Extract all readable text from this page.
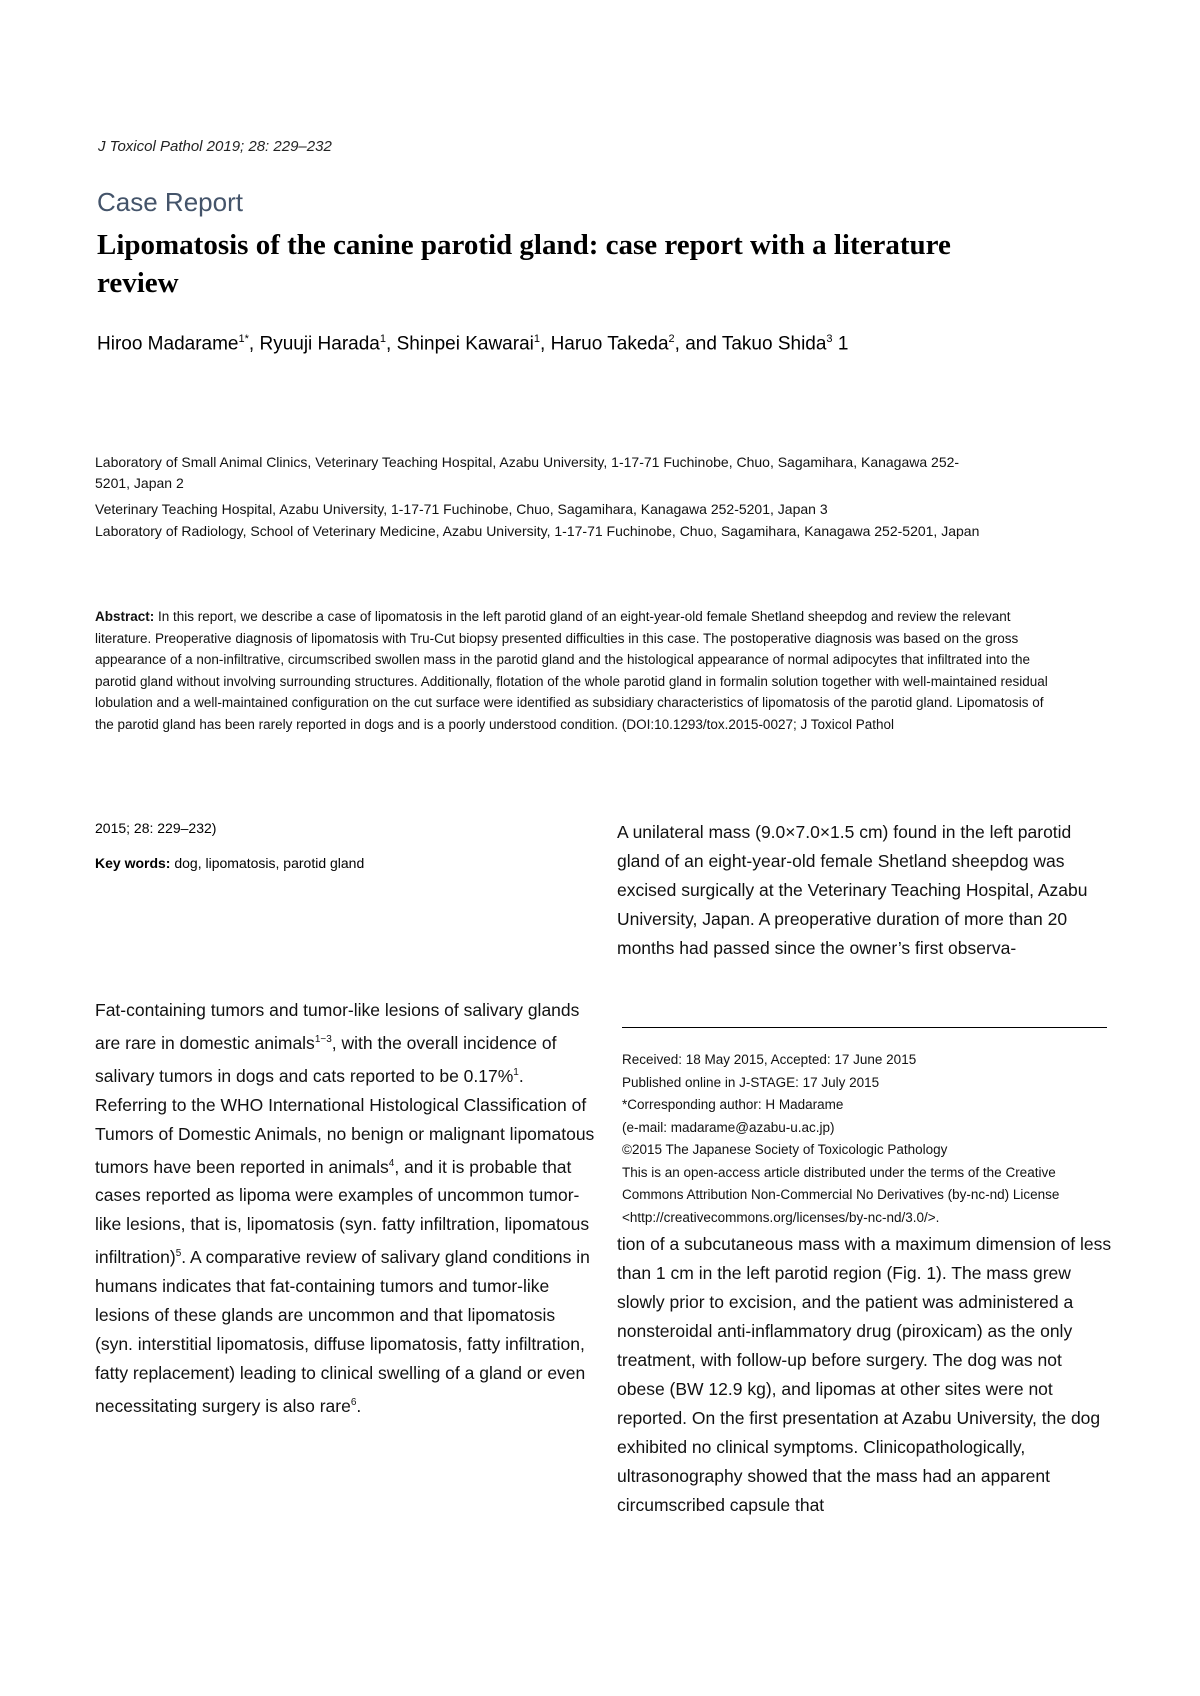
J Toxicol Pathol 2019; 28: 229–232
Case Report
Lipomatosis of the canine parotid gland: case report with a literature review
Hiroo Madarame$^{1*}$, Ryuuji Harada$^1$, Shinpei Kawarai$^1$, Haruo Takeda$^2$, and Takuo Shida$^3$ 1

Laboratory of Small Animal Clinics, Veterinary Teaching Hospital, Azabu University, 1-17-71 Fuchinobe, Chuo, Sagamihara, Kanagawa 252-5201, Japan 2

Veterinary Teaching Hospital, Azabu University, 1-17-71 Fuchinobe, Chuo, Sagamihara, Kanagawa 252-5201, Japan 3

Laboratory of Radiology, School of Veterinary Medicine, Azabu University, 1-17-71 Fuchinobe, Chuo, Sagamihara, Kanagawa 252-5201, Japan

Abstract: In this report, we describe a case of lipomatosis in the left parotid gland of an eight-year-old female Shetland sheepdog and review the relevant literature. Preoperative diagnosis of lipomatosis with Tru-Cut biopsy presented difficulties in this case. The postoperative diagnosis was based on the gross appearance of a non-infiltrative, circumscribed swollen mass in the parotid gland and the histological appearance of normal adipocytes that infiltrated into the parotid gland without involving surrounding structures. Additionally, flotation of the whole parotid gland in formalin solution together with well-maintained residual lobulation and a well-maintained configuration on the cut surface were identified as subsidiary characteristics of lipomatosis of the parotid gland. Lipomatosis of the parotid gland has been rarely reported in dogs and is a poorly understood condition. (DOI:10.1293/tox.2015-0027; J Toxicol Pathol

2015; 28: 229–232)
Key words: dog, lipomatosis, parotid gland

Fat-containing tumors and tumor-like lesions of salivary glands are rare in domestic animals$^{1-3}$, with the overall incidence of salivary tumors in dogs and cats reported to be 0.17%$^1$. Referring to the WHO International Histological Classification of Tumors of Domestic Animals, no benign or malignant lipomatous tumors have been reported in animals$^4$, and it is probable that cases reported as lipoma were examples of uncommon tumor-like lesions, that is, lipomatosis (syn. fatty infiltration, lipomatous infiltration)$^5$. A comparative review of salivary gland conditions in humans indicates that fat-containing tumors and tumor-like lesions of these glands are uncommon and that lipomatosis (syn. interstitial lipomatosis, diffuse lipomatosis, fatty infiltration, fatty replacement) leading to clinical swelling of a gland or even necessitating surgery is also rare$^6$.

A unilateral mass (9.0×7.0×1.5 cm) found in the left parotid gland of an eight-year-old female Shetland sheepdog was excised surgically at the Veterinary Teaching Hospital, Azabu University, Japan. A preoperative duration of more than 20 months had passed since the owner’s first observa-

Received: 18 May 2015, Accepted: 17 June 2015

Published online in J-STAGE: 17 July 2015

*Corresponding author: H Madarame

(e-mail: madarame@azabu-u.ac.jp)

©2015 The Japanese Society of Toxicologic Pathology

This is an open-access article distributed under the terms of the Creative Commons Attribution Non-Commercial No Derivatives (by-nc-nd) License <http://creativecommons.org/licenses/by-nc-nd/3.0/>.

tion of a subcutaneous mass with a maximum dimension of less than 1 cm in the left parotid region (Fig. 1). The mass grew slowly prior to excision, and the patient was administered a nonsteroidal anti-inflammatory drug (piroxicam) as the only treatment, with follow-up before surgery. The dog was not obese (BW 12.9 kg), and lipomas at other sites were not reported. On the first presentation at Azabu University, the dog exhibited no clinical symptoms. Clinicopathologically, ultrasonography showed that the mass had an apparent circumscribed capsule that
